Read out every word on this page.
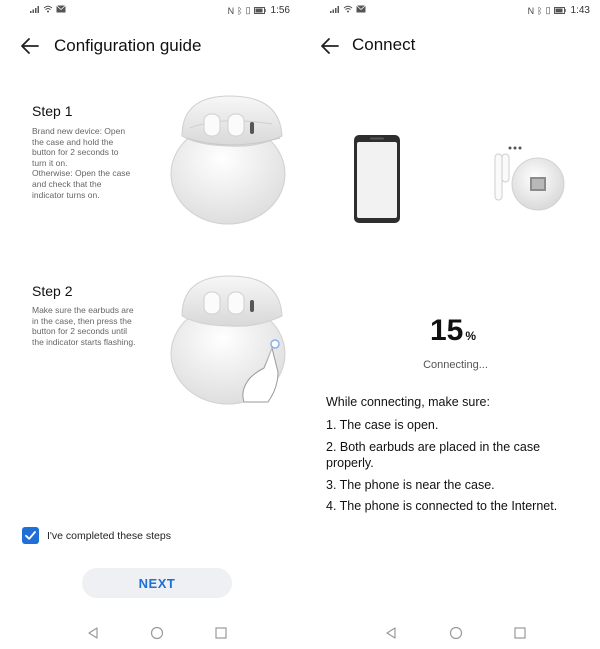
N ᛒ ▯ 1:56
Configuration guide
Step 1
Brand new device: Open
the case and hold the
button for 2 seconds to
turn it on.
Otherwise: Open the case
and check that the
indicator turns on.
Step 2
Make sure the earbuds are
in the case, then press the
button for 2 seconds until
the indicator starts flashing.
I've completed these steps
NEXT
N ᛒ ▯ 1:43
Connect
15 %
Connecting...
While connecting, make sure:
1. The case is open.
2. Both earbuds are placed in the case properly.
3. The phone is near the case.
4. The phone is connected to the Internet.
